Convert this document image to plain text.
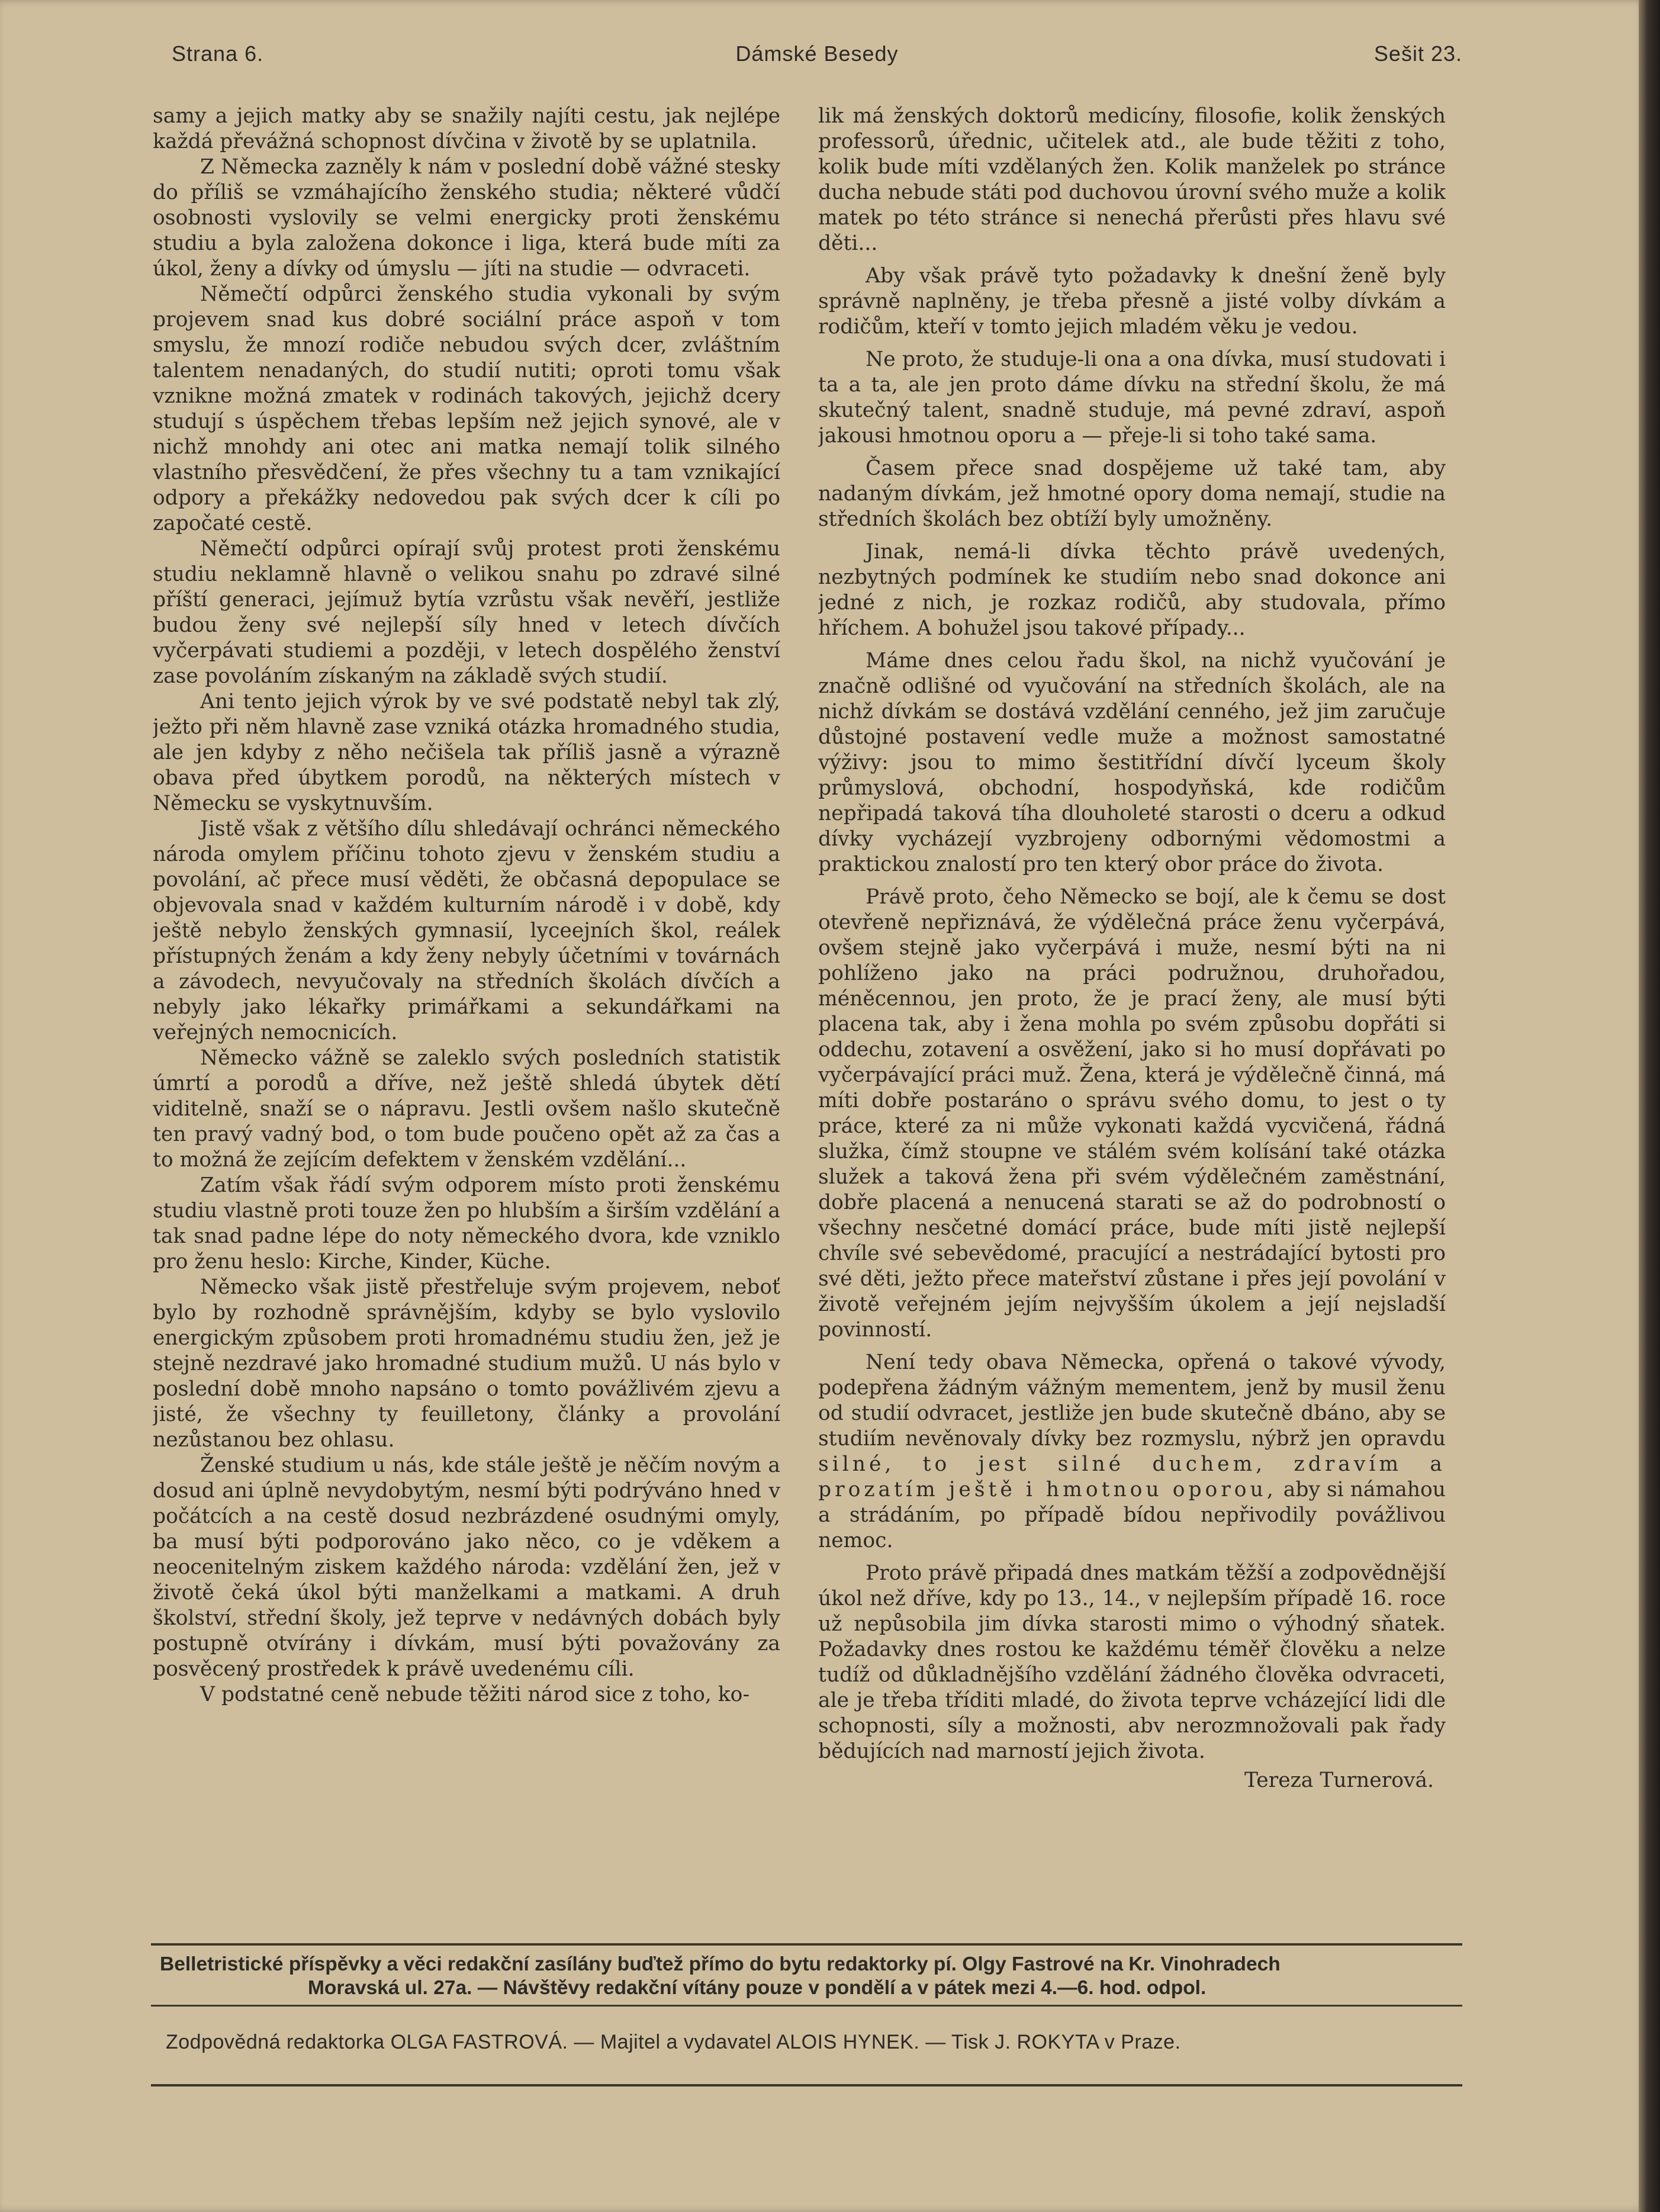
Strana 6.	Dámské Besedy	Sešit 23.

samy a jejich matky aby se snažily najíti cestu, jak nejlépe každá převážná schopnost dívčina v životě by se uplatnila.

Z Německa zazněly k nám v poslední době vážné stesky do příliš se vzmáhajícího ženského studia; některé vůdčí osobnosti vyslovily se velmi energicky proti ženskému studiu a byla založena dokonce i liga, která bude míti za úkol, ženy a dívky od úmyslu — jíti na studie — odvraceti.

Němečtí odpůrci ženského studia vykonali by svým projevem snad kus dobré sociální práce aspoň v tom smyslu, že mnozí rodiče nebudou svých dcer, zvláštním talentem nenadaných, do studií nutiti; oproti tomu však vznikne možná zmatek v rodinách takových, jejichž dcery studují s úspěchem třebas lepším než jejich synové, ale v nichž mnohdy ani otec ani matka nemají tolik silného vlastního přesvědčení, že přes všechny tu a tam vznikající odpory a překážky nedovedou pak svých dcer k cíli po započaté cestě.

Němečtí odpůrci opírají svůj protest proti ženskému studiu neklamně hlavně o velikou snahu po zdravé silné příští generaci, jejímuž bytía vzrůstu však nevěří, jestliže budou ženy své nejlepší síly hned v letech dívčích vyčerpávati studiemi a později, v letech dospělého ženství zase povoláním získaným na základě svých studií.

Ani tento jejich výrok by ve své podstatě nebyl tak zlý, ježto při něm hlavně zase vzniká otázka hromadného studia, ale jen kdyby z něho nečišela tak příliš jasně a výrazně obava před úbytkem porodů, na některých místech v Německu se vyskytnuvším.

Jistě však z většího dílu shledávají ochránci německého národa omylem příčinu tohoto zjevu v ženském studiu a povolání, ač přece musí věděti, že občasná depopulace se objevovala snad v každém kulturním národě i v době, kdy ještě nebylo ženských gymnasií, lyceejních škol, reálek přístupných ženám a kdy ženy nebyly účetními v továrnách a závodech, nevyučovaly na středních školách dívčích a nebyly jako lékařky primářkami a sekundářkami na veřejných nemocnicích.

Německo vážně se zaleklo svých posledních statistik úmrtí a porodů a dříve, než ještě shledá úbytek dětí viditelně, snaží se o nápravu. Jestli ovšem našlo skutečně ten pravý vadný bod, o tom bude poučeno opět až za čas a to možná že zejícím defektem v ženském vzdělání...

Zatím však řádí svým odporem místo proti ženskému studiu vlastně proti touze žen po hlubším a širším vzdělání a tak snad padne lépe do noty německého dvora, kde vzniklo pro ženu heslo: Kirche, Kinder, Küche.

Německo však jistě přestřeluje svým projevem, neboť bylo by rozhodně správnějším, kdyby se bylo vyslovilo energickým způsobem proti hromadnému studiu žen, jež je stejně nezdravé jako hromadné studium mužů. U nás bylo v poslední době mnoho napsáno o tomto povážlivém zjevu a jisté, že všechny ty feuilletony, články a provolání nezůstanou bez ohlasu.

Ženské studium u nás, kde stále ještě je něčím novým a dosud ani úplně nevydobytým, nesmí býti podrýváno hned v počátcích a na cestě dosud nezbrázdené osudnými omyly, ba musí býti podporováno jako něco, co je vděkem a neocenitelným ziskem každého národa: vzdělání žen, jež v životě čeká úkol býti manželkami a matkami. A druh školství, střední školy, jež teprve v nedávných dobách byly postupně otvírány i dívkám, musí býti považovány za posvěcený prostředek k právě uvedenému cíli.

V podstatné ceně nebude těžiti národ sice z toho, ko-

lik má ženských doktorů medicíny, filosofie, kolik ženských professorů, úřednic, učitelek atd., ale bude těžiti z toho, kolik bude míti vzdělaných žen. Kolik manželek po stránce ducha nebude státi pod duchovou úrovní svého muže a kolik matek po této stránce si nenechá přerůsti přes hlavu své děti...

Aby však právě tyto požadavky k dnešní ženě byly správně naplněny, je třeba přesně a jisté volby dívkám a rodičům, kteří v tomto jejich mladém věku je vedou.

Ne proto, že studuje-li ona a ona dívka, musí studovati i ta a ta, ale jen proto dáme dívku na střední školu, že má skutečný talent, snadně studuje, má pevné zdraví, aspoň jakousi hmotnou oporu a — přeje-li si toho také sama.

Časem přece snad dospějeme už také tam, aby nadaným dívkám, jež hmotné opory doma nemají, studie na středních školách bez obtíží byly umožněny.

Jinak, nemá-li dívka těchto právě uvedených, nezbytných podmínek ke studiím nebo snad dokonce ani jedné z nich, je rozkaz rodičů, aby studovala, přímo hříchem. A bohužel jsou takové případy...

Máme dnes celou řadu škol, na nichž vyučování je značně odlišné od vyučování na středních školách, ale na nichž dívkám se dostává vzdělání cenného, jež jim zaručuje důstojné postavení vedle muže a možnost samostatné výživy: jsou to mimo šestitřídní dívčí lyceum školy průmyslová, obchodní, hospodyňská, kde rodičům nepřipadá taková tíha dlouholeté starosti o dceru a odkud dívky vycházejí vyzbrojeny odbornými vědomostmi a praktickou znalostí pro ten který obor práce do života.

Právě proto, čeho Německo se bojí, ale k čemu se dost otevřeně nepřiznává, že výdělečná práce ženu vyčerpává, ovšem stejně jako vyčerpává i muže, nesmí býti na ni pohlíženo jako na práci podružnou, druhořadou, méněcennou, jen proto, že je prací ženy, ale musí býti placena tak, aby i žena mohla po svém způsobu dopřáti si oddechu, zotavení a osvěžení, jako si ho musí dopřávati po vyčerpávající práci muž. Žena, která je výdělečně činná, má míti dobře postaráno o správu svého domu, to jest o ty práce, které za ni může vykonati každá vycvičená, řádná služka, čímž stoupne ve stálém svém kolísání také otázka služek a taková žena při svém výdělečném zaměstnání, dobře placená a nenucená starati se až do podrobností o všechny nesčetné domácí práce, bude míti jistě nejlepší chvíle své sebevědomé, pracující a nestrádající bytosti pro své děti, ježto přece mateřství zůstane i přes její povolání v životě veřejném jejím nejvyšším úkolem a její nejsladší povinností.

Není tedy obava Německa, opřená o takové vývody, podepřena žádným vážným mementem, jenž by musil ženu od studií odvracet, jestliže jen bude skutečně dbáno, aby se studiím nevěnovaly dívky bez rozmyslu, nýbrž jen opravdu silné, to jest silné duchem, zdravím a prozatím ještě i hmotnou oporou, aby si námahou a strádáním, po případě bídou nepřivodily povážlivou nemoc.

Proto právě připadá dnes matkám těžší a zodpovědnější úkol než dříve, kdy po 13., 14., v nejlepším případě 16. roce už nepůsobila jim dívka starosti mimo o výhodný sňatek. Požadavky dnes rostou ke každému téměř člověku a nelze tudíž od důkladnějšího vzdělání žádného člověka odvraceti, ale je třeba tříditi mladé, do života teprve vcházející lidi dle schopnosti, síly a možnosti, abv nerozmnožovali pak řady bědujících nad marností jejich života.

Tereza Turnerová.

Belletristické příspěvky a věci redakční zasílány buďtež přímo do bytu redaktorky pí. Olgy Fastrové na Kr. Vinohradech
Moravská ul. 27a. — Návštěvy redakční vítány pouze v pondělí a v pátek mezi 4.—6. hod. odpol.
Zodpovědná redaktorka OLGA FASTROVÁ. — Majitel a vydavatel ALOIS HYNEK. — Tisk J. ROKYTA v Praze.
